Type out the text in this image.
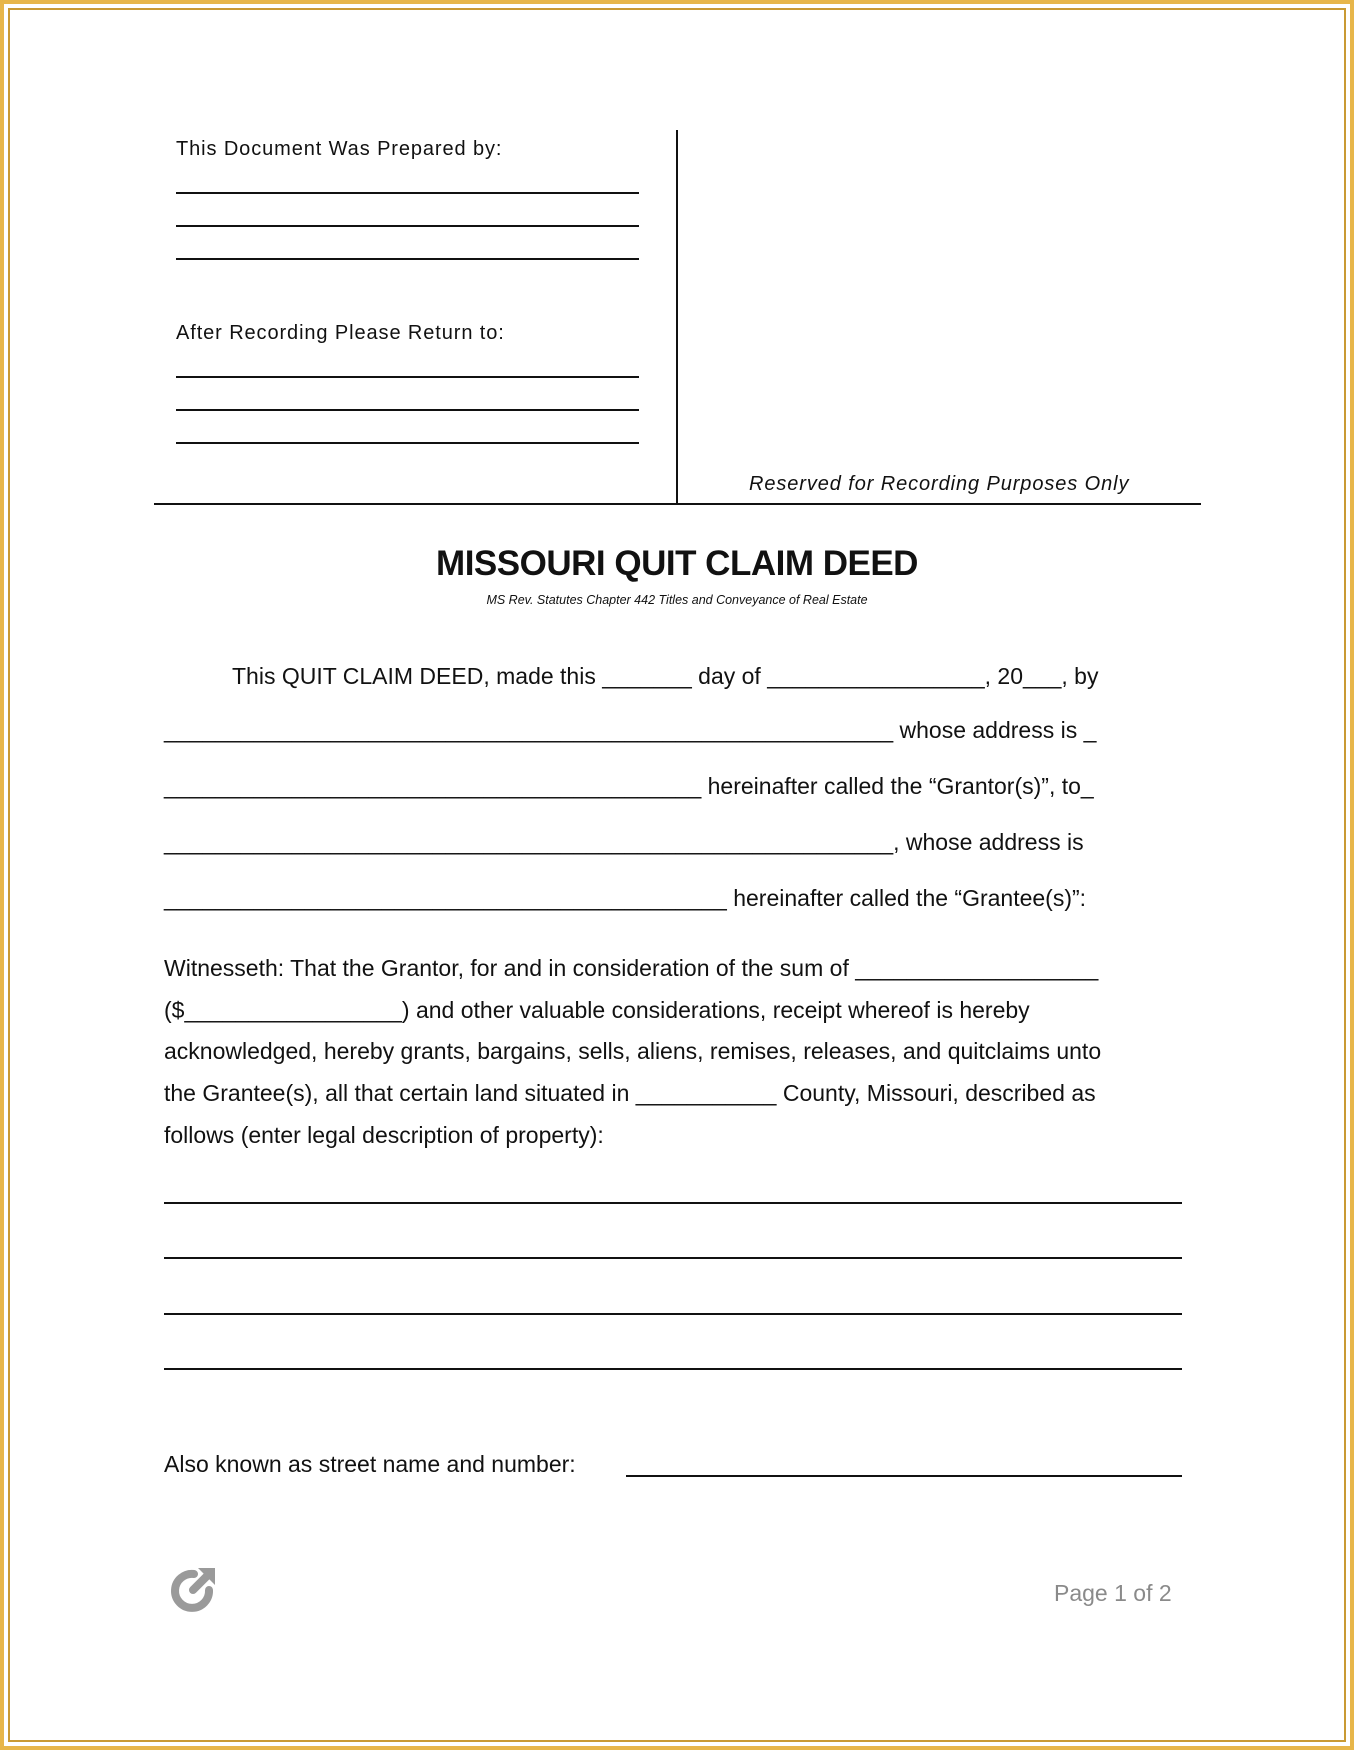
This Document Was Prepared by:
After Recording Please Return to:
Reserved for Recording Purposes Only
MISSOURI QUIT CLAIM DEED
MS Rev. Statutes Chapter 442 Titles and Conveyance of Real Estate
This QUIT CLAIM DEED, made this _______ day of _________________, 20___, by
_________________________________________________________ whose address is _
__________________________________________ hereinafter called the “Grantor(s)”, to_
_________________________________________________________, whose address is
____________________________________________ hereinafter called the “Grantee(s)”:
Witnesseth: That the Grantor, for and in consideration of the sum of ___________________
($_________________) and other valuable considerations, receipt whereof is hereby
acknowledged, hereby grants, bargains, sells, aliens, remises, releases, and quitclaims unto
the Grantee(s), all that certain land situated in ___________ County, Missouri, described as
follows (enter legal description of property):
Also known as street name and number:
Page 1 of 2
